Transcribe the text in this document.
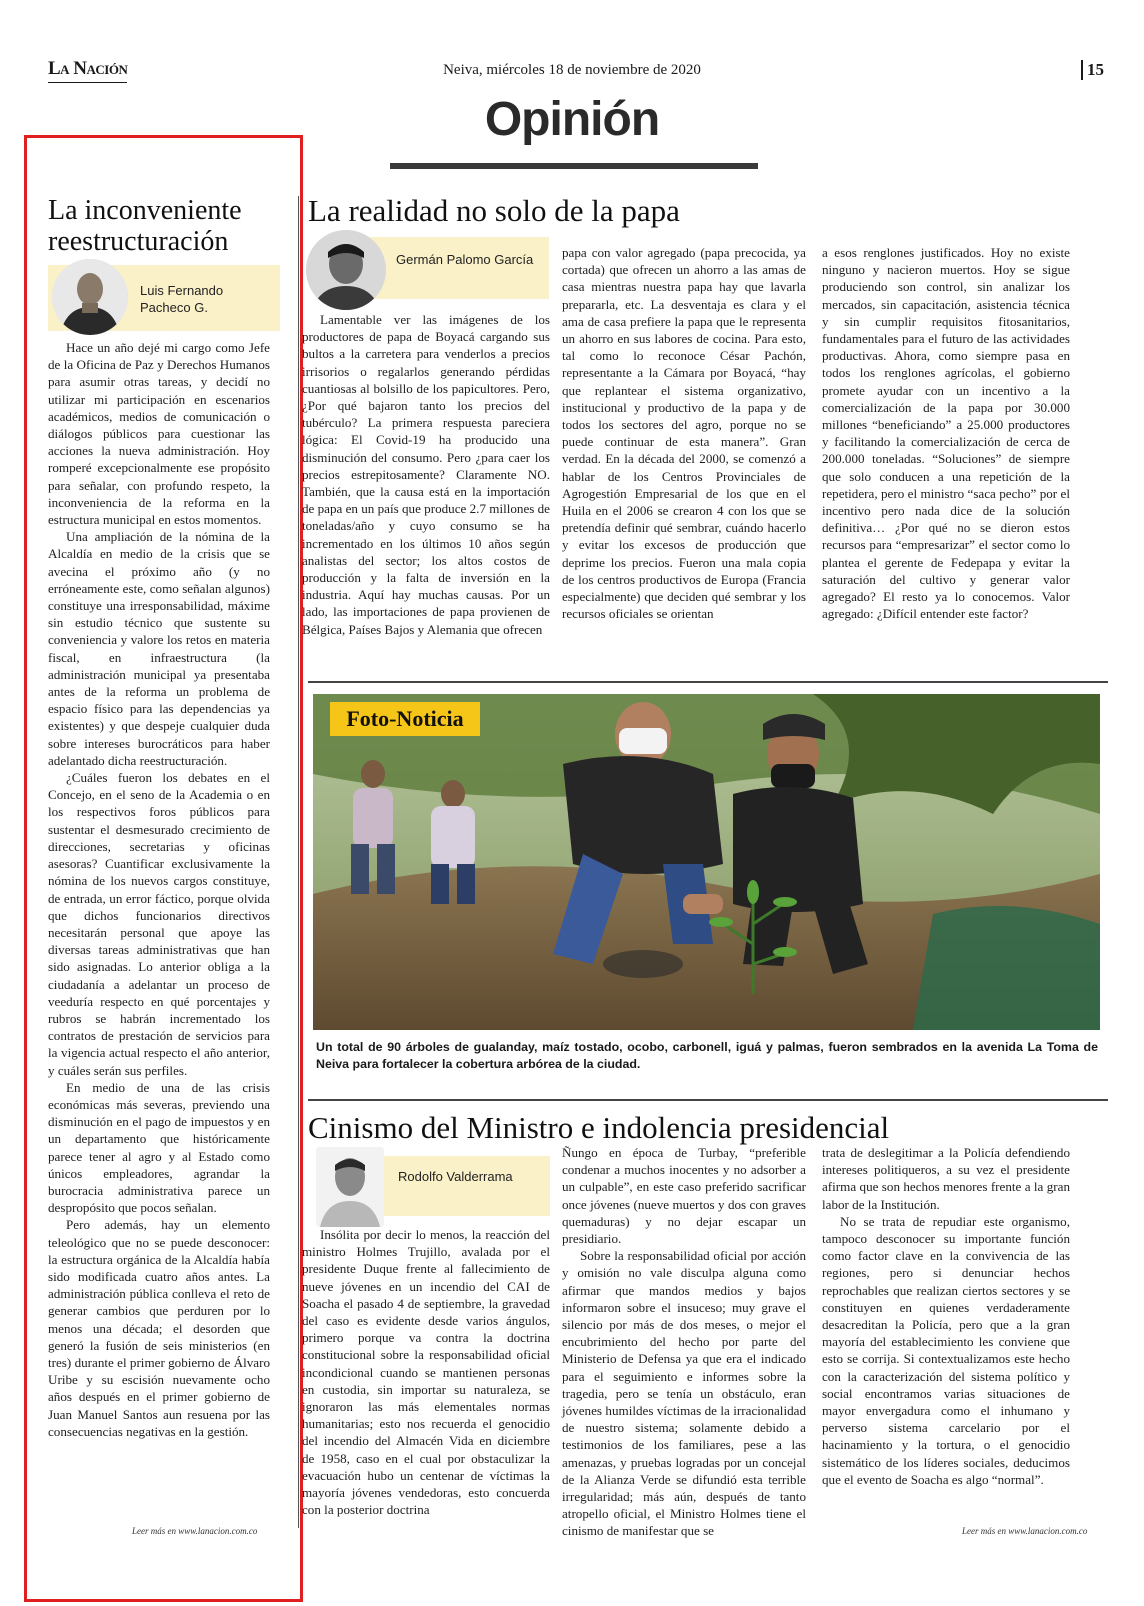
La Nación	Neiva, miércoles 18 de noviembre de 2020	15
Opinión
La inconveniente reestructuración
Luis Fernando Pacheco G.

Hace un año dejé mi cargo como Jefe de la Oficina de Paz y Derechos Humanos para asumir otras tareas, y decidí no utilizar mi participación en escenarios académicos, medios de comunicación o diálogos públicos para cuestionar las acciones la nueva administración. Hoy romperé excepcionalmente ese propósito para señalar, con profundo respeto, la inconveniencia de la reforma en la estructura municipal en estos momentos.

Una ampliación de la nómina de la Alcaldía en medio de la crisis que se avecina el próximo año (y no erróneamente este, como señalan algunos) constituye una irresponsabilidad, máxime sin estudio técnico que sustente su conveniencia y valore los retos en materia fiscal, en infraestructura (la administración municipal ya presentaba antes de la reforma un problema de espacio físico para las dependencias ya existentes) y que despeje cualquier duda sobre intereses burocráticos para haber adelantado dicha reestructuración.

¿Cuáles fueron los debates en el Concejo, en el seno de la Academia o en los respectivos foros públicos para sustentar el desmesurado crecimiento de direcciones, secretarias y oficinas asesoras? Cuantificar exclusivamente la nómina de los nuevos cargos constituye, de entrada, un error fáctico, porque olvida que dichos funcionarios directivos necesitarán personal que apoye las diversas tareas administrativas que han sido asignadas. Lo anterior obliga a la ciudadanía a adelantar un proceso de veeduría respecto en qué porcentajes y rubros se habrán incrementado los contratos de prestación de servicios para la vigencia actual respecto el año anterior, y cuáles serán sus perfiles.

En medio de una de las crisis económicas más severas, previendo una disminución en el pago de impuestos y en un departamento que históricamente parece tener al agro y al Estado como únicos empleadores, agrandar la burocracia administrativa parece un despropósito que pocos señalan.

Pero además, hay un elemento teleológico que no se puede desconocer: la estructura orgánica de la Alcaldía había sido modificada cuatro años antes. La administración pública conlleva el reto de generar cambios que perduren por lo menos una década; el desorden que generó la fusión de seis ministerios (en tres) durante el primer gobierno de Álvaro Uribe y su escisión nuevamente ocho años después en el primer gobierno de Juan Manuel Santos aun resuena por las consecuencias negativas en la gestión.

Leer más en www.lanacion.com.co
La realidad no solo de la papa
Germán Palomo García

Lamentable ver las imágenes de los productores de papa de Boyacá cargando sus bultos a la carretera para venderlos a precios irrisorios o regalarlos generando pérdidas cuantiosas al bolsillo de los papicultores. Pero, ¿Por qué bajaron tanto los precios del tubérculo? La primera respuesta pareciera lógica: El Covid-19 ha producido una disminución del consumo. Pero ¿para caer los precios estrepitosamente? Claramente NO. También, que la causa está en la importación de papa en un país que produce 2.7 millones de toneladas/año y cuyo consumo se ha incrementado en los últimos 10 años según analistas del sector; los altos costos de producción y la falta de inversión en la industria. Aquí hay muchas causas. Por un lado, las importaciones de papa provienen de Bélgica, Países Bajos y Alemania que ofrecen

papa con valor agregado (papa precocida, ya cortada) que ofrecen un ahorro a las amas de casa mientras nuestra papa hay que lavarla prepararla, etc. La desventaja es clara y el ama de casa prefiere la papa que le representa un ahorro en sus labores de cocina. Para esto, tal como lo reconoce César Pachón, representante a la Cámara por Boyacá, “hay que replantear el sistema organizativo, institucional y productivo de la papa y de todos los sectores del agro, porque no se puede continuar de esta manera”. Gran verdad. En la década del 2000, se comenzó a hablar de los Centros Provinciales de Agrogestión Empresarial de los que en el Huila en el 2006 se crearon 4 con los que se pretendía definir qué sembrar, cuándo hacerlo y evitar los excesos de producción que deprime los precios. Fueron una mala copia de los centros productivos de Europa (Francia especialmente) que deciden qué sembrar y los recursos oficiales se orientan

a esos renglones justificados. Hoy no existe ninguno y nacieron muertos. Hoy se sigue produciendo son control, sin analizar los mercados, sin capacitación, asistencia técnica y sin cumplir requisitos fitosanitarios, fundamentales para el futuro de las actividades productivas. Ahora, como siempre pasa en todos los renglones agrícolas, el gobierno promete ayudar con un incentivo a la comercialización de la papa por 30.000 millones “beneficiando” a 25.000 productores y facilitando la comercialización de cerca de 200.000 toneladas. “Soluciones” de siempre que solo conducen a una repetición de la repetidera, pero el ministro “saca pecho” por el incentivo pero nada dice de la solución definitiva… ¿Por qué no se dieron estos recursos para “empresarizar” el sector como lo plantea el gerente de Fedepapa y evitar la saturación del cultivo y generar valor agregado? El resto ya lo conocemos. Valor agregado: ¿Difícil entender este factor?

Foto-Noticia
Un total de 90 árboles de gualanday, maíz tostado, ocobo, carbonell, iguá y palmas, fueron sembrados en la avenida La Toma de Neiva para fortalecer la cobertura arbórea de la ciudad.
Cinismo del Ministro e indolencia presidencial
Rodolfo Valderrama

Insólita por decir lo menos, la reacción del ministro Holmes Trujillo, avalada por el presidente Duque frente al fallecimiento de nueve jóvenes en un incendio del CAI de Soacha el pasado 4 de septiembre, la gravedad del caso es evidente desde varios ángulos, primero porque va contra la doctrina constitucional sobre la responsabilidad oficial incondicional cuando se mantienen personas en custodia, sin importar su naturaleza, se ignoraron las más elementales normas humanitarias; esto nos recuerda el genocidio del incendio del Almacén Vida en diciembre de 1958, caso en el cual por obstaculizar la evacuación hubo un centenar de víctimas la mayoría jóvenes vendedoras, esto concuerda con la posterior doctrina

Ñungo en época de Turbay, “preferible condenar a muchos inocentes y no adsorber a un culpable”, en este caso preferido sacrificar once jóvenes (nueve muertos y dos con graves quemaduras) y no dejar escapar un presidiario.

Sobre la responsabilidad oficial por acción y omisión no vale disculpa alguna como afirmar que mandos medios y bajos informaron sobre el insuceso; muy grave el silencio por más de dos meses, o mejor el encubrimiento del hecho por parte del Ministerio de Defensa ya que era el indicado para el seguimiento e informes sobre la tragedia, pero se tenía un obstáculo, eran jóvenes humildes víctimas de la irracionalidad de nuestro sistema; solamente debido a testimonios de los familiares, pese a las amenazas, y pruebas logradas por un concejal de la Alianza Verde se difundió esta terrible irregularidad; más aún, después de tanto atropello oficial, el Ministro Holmes tiene el cinismo de manifestar que se

trata de deslegitimar a la Policía defendiendo intereses politiqueros, a su vez el presidente afirma que son hechos menores frente a la gran labor de la Institución.

No se trata de repudiar este organismo, tampoco desconocer su importante función como factor clave en la convivencia de las regiones, pero si denunciar hechos reprochables que realizan ciertos sectores y se constituyen en quienes verdaderamente desacreditan la Policía, pero que a la gran mayoría del establecimiento les conviene que esto se corrija. Si contextualizamos este hecho con la caracterización del sistema político y social encontramos varias situaciones de mayor envergadura como el inhumano y perverso sistema carcelario por el hacinamiento y la tortura, o el genocidio sistemático de los líderes sociales, deducimos que el evento de Soacha es algo “normal”.

Leer más en www.lanacion.com.co
